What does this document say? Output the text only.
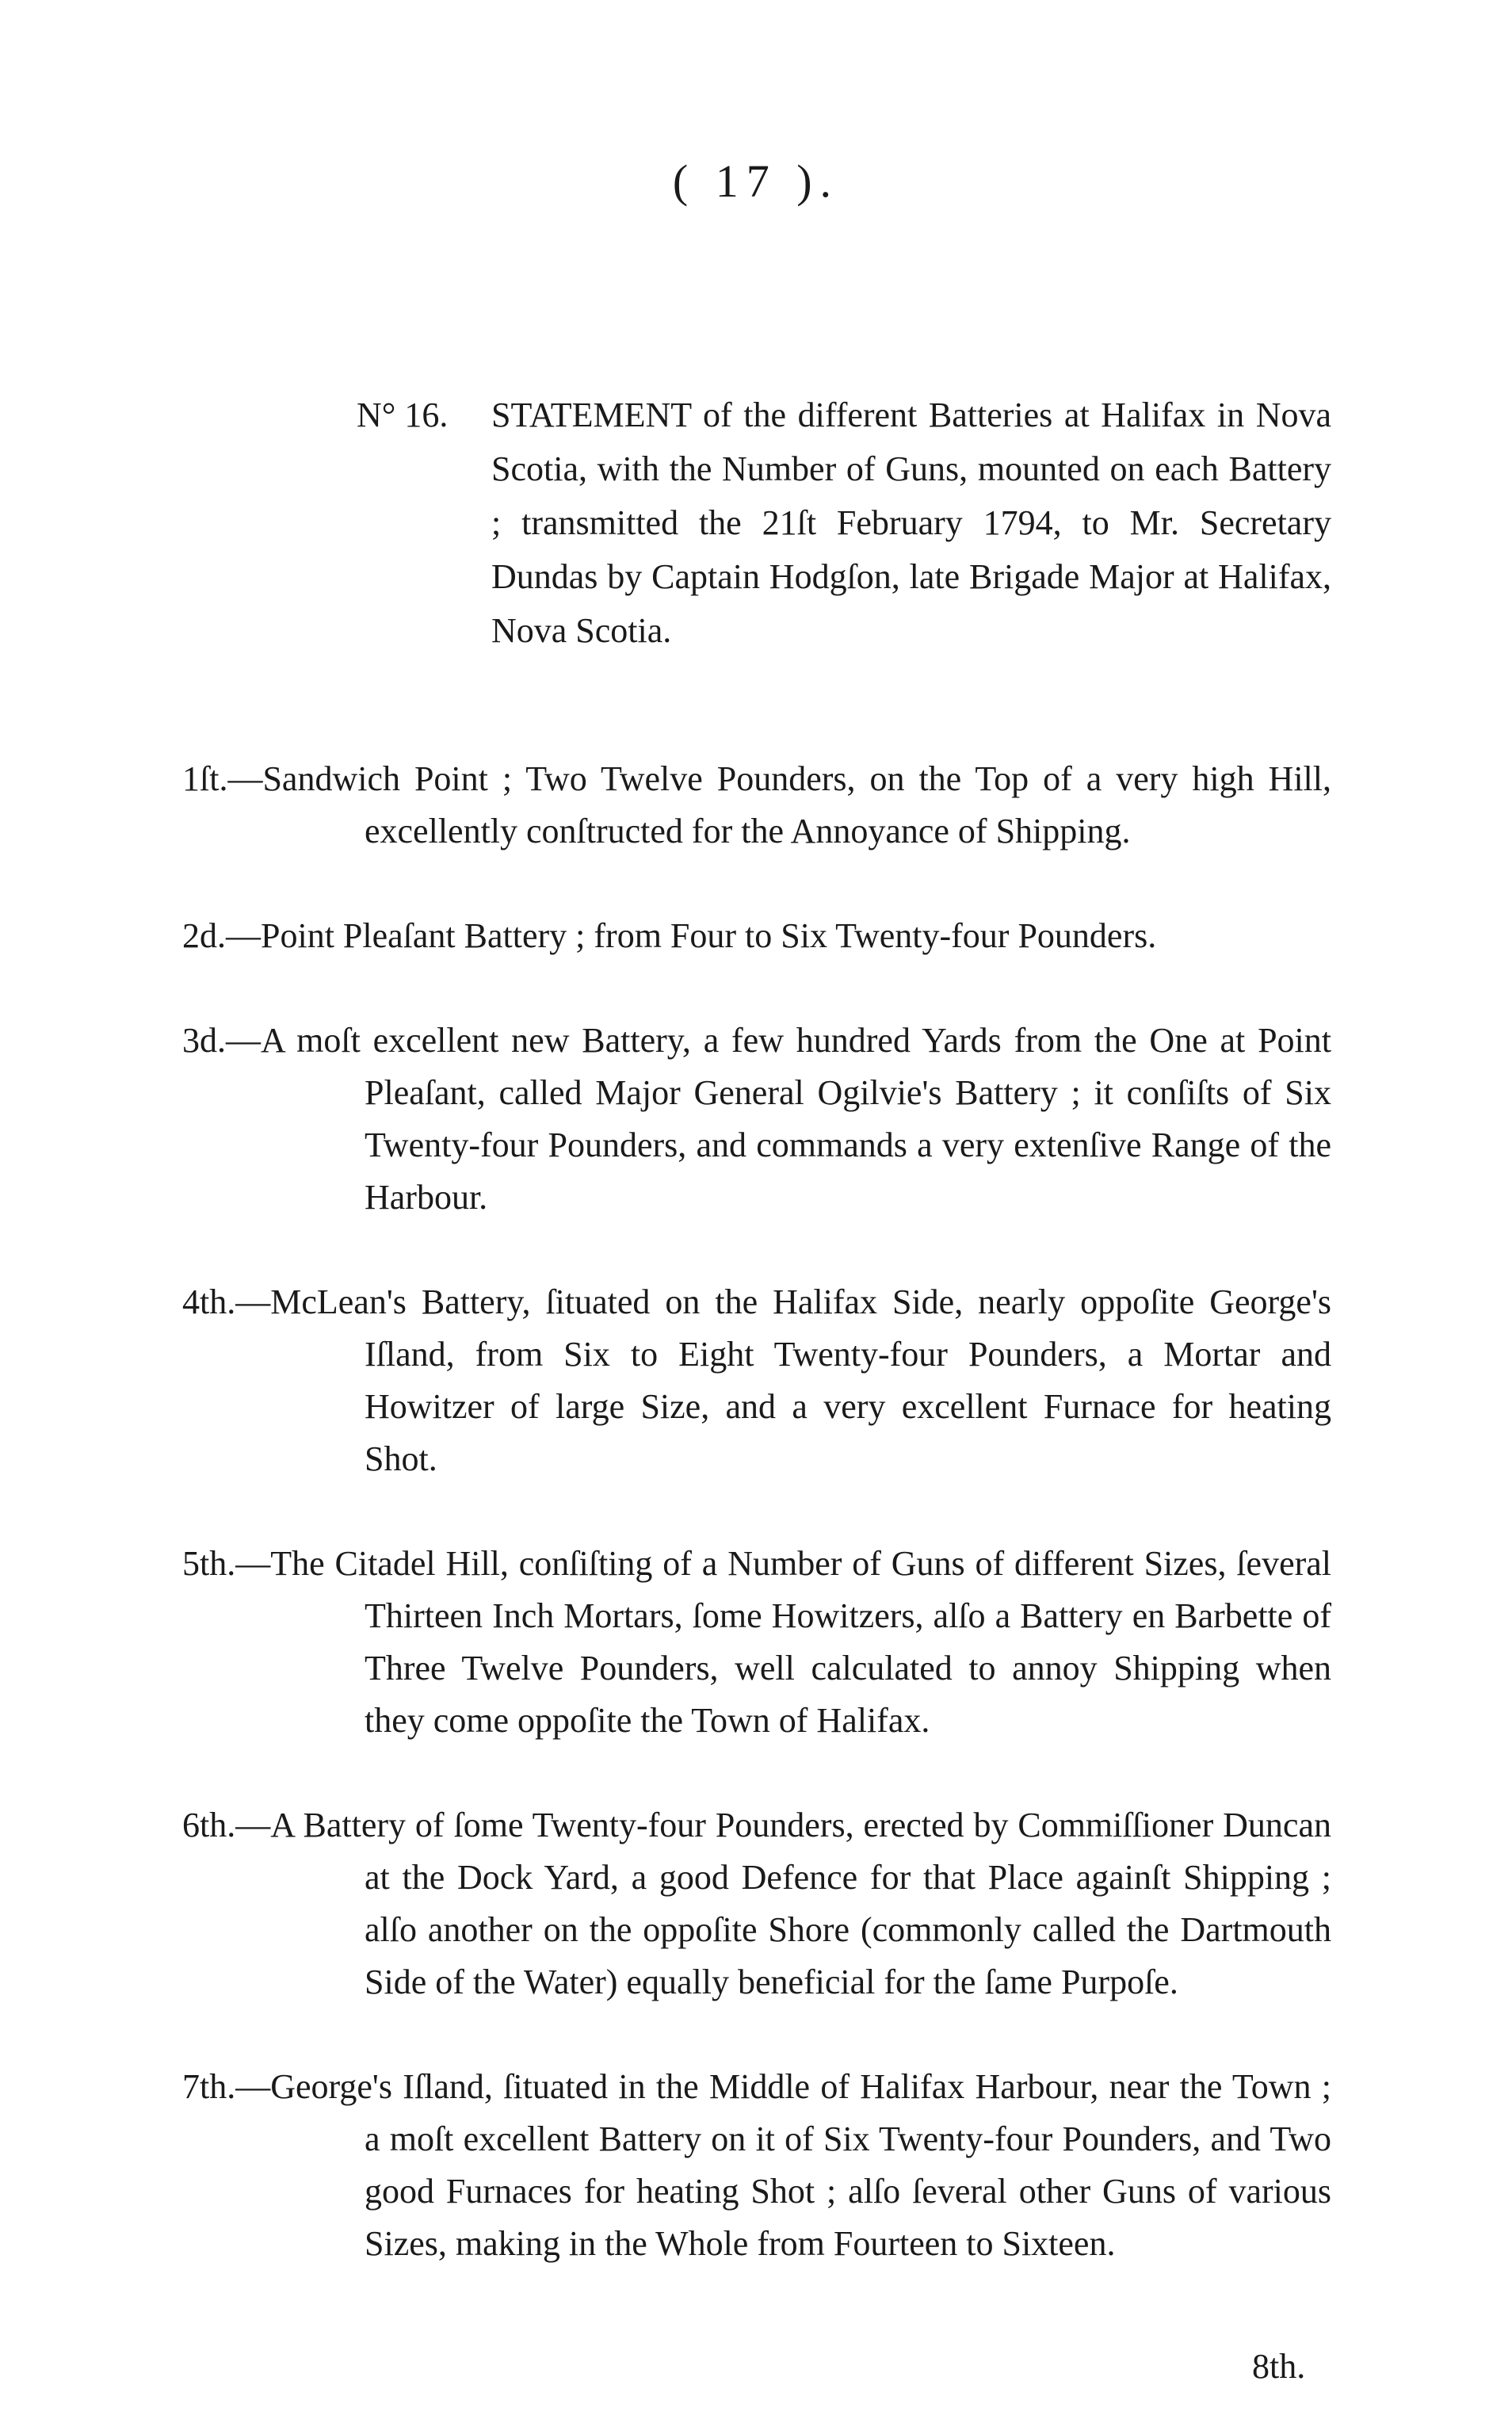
( 17 ).
N° 16.	STATEMENT of the different Batteries at Halifax in Nova Scotia, with the Number of Guns, mounted on each Battery ; transmitted the 21ſt February 1794, to Mr. Secretary Dundas by Captain Hodgſon, late Brigade Major at Halifax, Nova Scotia.

1ſt.—Sandwich Point ; Two Twelve Pounders, on the Top of a very high Hill, excellently conſtructed for the Annoyance of Shipping.

2d.—Point Pleaſant Battery ; from Four to Six Twenty-four Pounders.

3d.—A moſt excellent new Battery, a few hundred Yards from the One at Point Pleaſant, called Major General Ogilvie's Battery ; it conſiſts of Six Twenty-four Pounders, and commands a very extenſive Range of the Harbour.

4th.—McLean's Battery, ſituated on the Halifax Side, nearly oppoſite George's Iſland, from Six to Eight Twenty-four Pounders, a Mortar and Howitzer of large Size, and a very excellent Furnace for heating Shot.

5th.—The Citadel Hill, conſiſting of a Number of Guns of different Sizes, ſeveral Thirteen Inch Mortars, ſome Howitzers, alſo a Battery en Barbette of Three Twelve Pounders, well calculated to annoy Shipping when they come oppoſite the Town of Halifax.

6th.—A Battery of ſome Twenty-four Pounders, erected by Commiſſioner Duncan at the Dock Yard, a good Defence for that Place againſt Shipping ; alſo another on the oppoſite Shore (commonly called the Dartmouth Side of the Water) equally beneficial for the ſame Purpoſe.

7th.—George's Iſland, ſituated in the Middle of Halifax Harbour, near the Town ; a moſt excellent Battery on it of Six Twenty-four Pounders, and Two good Furnaces for heating Shot ; alſo ſeveral other Guns of various Sizes, making in the Whole from Fourteen to Sixteen.

8th.
